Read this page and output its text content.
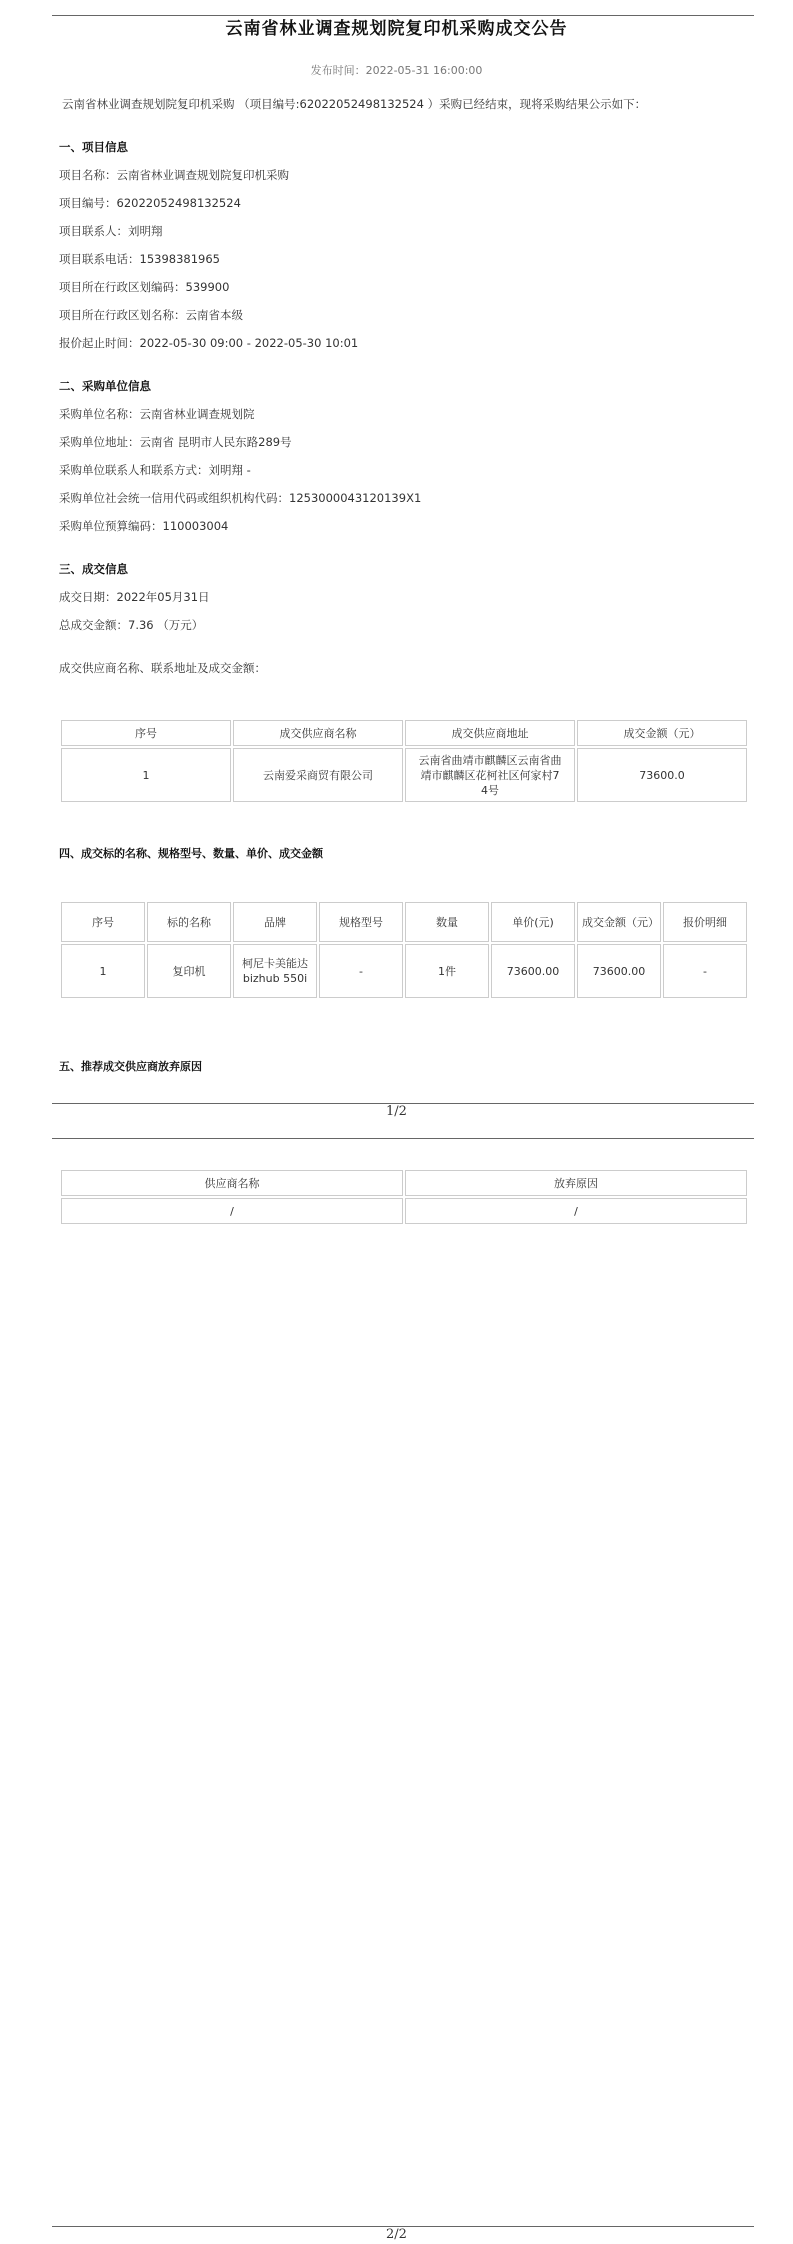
云南省林业调查规划院复印机采购成交公告
发布时间：2022-05-31 16:00:00
云南省林业调查规划院复印机采购 （项目编号:62022052498132524 ）采购已经结束，现将采购结果公示如下：
一、项目信息
项目名称：云南省林业调查规划院复印机采购
项目编号：62022052498132524
项目联系人：刘明翔
项目联系电话：15398381965
项目所在行政区划编码：539900
项目所在行政区划名称：云南省本级
报价起止时间：2022-05-30 09:00 - 2022-05-30 10:01
二、采购单位信息
采购单位名称：云南省林业调查规划院
采购单位地址：云南省 昆明市人民东路289号
采购单位联系人和联系方式：刘明翔 -
采购单位社会统一信用代码或组织机构代码：1253000043120139X1
采购单位预算编码：110003004
三、成交信息
成交日期：2022年05月31日
总成交金额：7.36 （万元）
成交供应商名称、联系地址及成交金额：
序号	成交供应商名称	成交供应商地址	成交金额（元）
1	云南爱采商贸有限公司	云南省曲靖市麒麟区云南省曲靖市麒麟区花柯社区何家村74号	73600.0
四、成交标的名称、规格型号、数量、单价、成交金额
序号	标的名称	品牌	规格型号	数量	单价(元)	成交金额（元）	报价明细
1	复印机	柯尼卡美能达 bizhub 550i	-	1件	73600.00	73600.00	-
五、推荐成交供应商放弃原因
1/2
供应商名称	放弃原因
/	/
2/2
